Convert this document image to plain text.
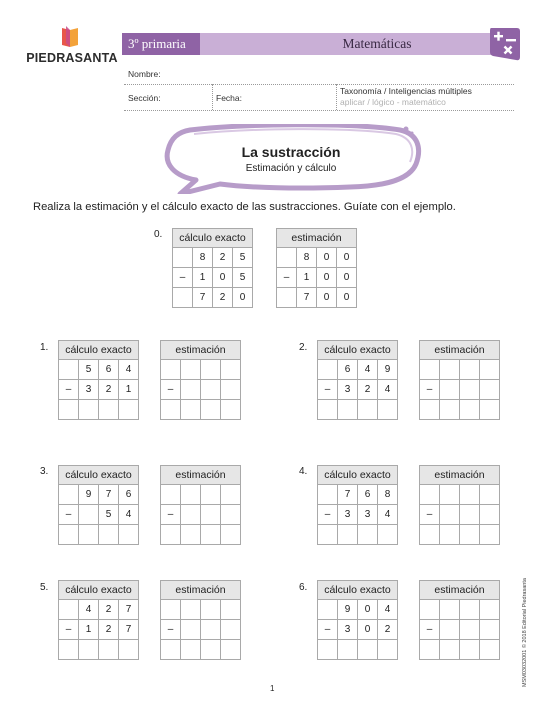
PIEDRASANTA
3º primaria	Matemáticas
Nombre:
Sección:	Fecha:
Taxonomía / Inteligencias múltiples
aplicar / lógico - matemático
La sustracción
Estimación y cálculo
Realiza la estimación y el cálculo exacto de las sustracciones. Guíate con el ejemplo.
0. cálculo exacto			
	8	2	5
–	1	0	5
	7	2	0
estimación			
	8	0	0
–	1	0	0
	7	0	0
1. cálculo exacto			
	5	6	4
–	3	2	1

estimación			

–			

2. cálculo exacto			
	6	4	9
–	3	2	4

estimación			

–			

3. cálculo exacto			
	9	7	6
–		5	4

estimación			

–			

4. cálculo exacto			
	7	6	8
–	3	3	4

estimación			

–			

5. cálculo exacto			
	4	2	7
–	1	2	7

estimación			

–			

6. cálculo exacto			
	9	0	4
–	3	0	2

estimación			

–			

1
MSM03032001 © 2018 Editorial Piedrasanta
